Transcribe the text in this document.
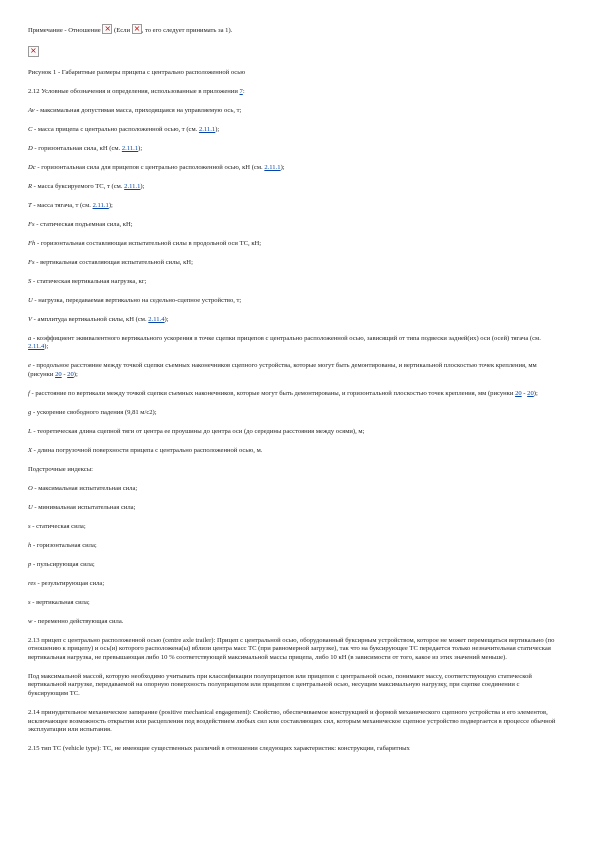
Примечание - Отношение × (Если ×, то его следует принимать за 1).

×

Рисунок 1 - Габаритные размеры прицепа с центрально расположенной осью

2.12 Условные обозначения и определения, использованные в приложении 7:

Av - максимальная допустимая масса, приходящаяся на управляемую ось, т;

C - масса прицепа с центрально расположенной осью, т (см. 2.11.1);

D - горизонтальная сила, кН (см. 2.11.1);

Dc - горизонтальная сила для прицепов с центрально расположенной осью, кН (см. 2.11.1);

R - масса буксируемого ТС, т (см. 2.11.1);

T - масса тягача, т (см. 2.11.1);

Fs - статическая подъемная сила, кН;

Fh - горизонтальная составляющая испытательной силы в продольной оси ТС, кН;

Fs - вертикальная составляющая испытательной силы, кН;

S - статическая вертикальная нагрузка, кг;

U - нагрузка, передаваемая вертикально на седельно-сцепное устройство, т;

V - амплитуда вертикальной силы, кН (см. 2.11.4);

a - коэффициент эквивалентного вертикального ускорения в точке сцепки прицепов с центрально расположенной осью, зависящий от типа подвески задней(их) оси (осей) тягача (см. 2.11.4);

e - продольное расстояние между точкой сцепки съемных наконечников сцепного устройства, которые могут быть демонтированы, и вертикальной плоскостью точек крепления, мм (рисунки 20 - 20);

f - расстояние по вертикали между точкой сцепки съемных наконечников, которые могут быть демонтированы, и горизонтальной плоскостью точек крепления, мм (рисунки 20 - 20);

g - ускорение свободного падения (9,81 м/с2);

L - теоретическая длина сцепной тяги от центра ее проушины до центра оси (до середины расстояния между осями), м;

X - длина погрузочной поверхности прицепа с центрально расположенной осью, м.

Подстрочные индексы:

O - максимальная испытательная сила;

U - минимальная испытательная сила;

s - статическая сила;

h - горизонтальная сила;

p - пульсирующая сила;

res - результирующая сила;

s - вертикальная сила;

w - переменно действующая сила.

2.13 прицеп с центрально расположенной осью (centre axle trailer): Прицеп с центральной осью, оборудованный буксирным устройством, которое не может перемещаться вертикально (по отношению к прицепу) и ось(и) которого расположена(ы) вблизи центра масс ТС (при равномерной загрузке), так что на буксирующее ТС передается только незначительная статическая вертикальная нагрузка, не превышающая либо 10 % соответствующей максимальной массы прицепа, либо 10 кН (в зависимости от того, какое из этих значений меньше).

Под максимальной массой, которую необходимо учитывать при классификации полуприцепов или прицепов с центральной осью, понимают массу, соответствующую статической вертикальной нагрузке, передаваемой на опорную поверхность полуприцепом или прицепом с центральной осью, несущим максимальную нагрузку, при сцепке соединении с буксирующим ТС.

2.14 принудительное механическое запирание (positive mechanical engagement): Свойство, обеспечиваемое конструкцией и формой механического сцепного устройства и его элементов, исключающее возможность открытия или расцепления под воздействием любых сил или составляющих сил, которым механическое сцепное устройство подвергается в процессе обычной эксплуатации или испытания.

2.15 тип ТС (vehicle type): ТС, не имеющие существенных различий в отношении следующих характеристик: конструкции, габаритных
